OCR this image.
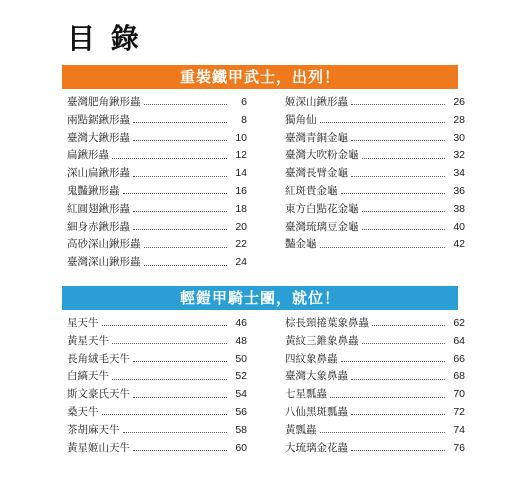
目 錄
重裝鐵甲武士，出列！
臺灣肥角鍬形蟲	6
兩點鋸鍬形蟲	8
臺灣大鍬形蟲	10
扁鍬形蟲	12
深山扁鍬形蟲	14
鬼豔鍬形蟲	16
紅圓翅鍬形蟲	18
細身赤鍬形蟲	20
高砂深山鍬形蟲	22
臺灣深山鍬形蟲	24
姬深山鍬形蟲	26
獨角仙	28
臺灣青銅金龜	30
臺灣大吹粉金龜	32
臺灣長臂金龜	34
紅斑貴金龜	36
東方白點花金龜	38
臺灣琉璃豆金龜	40
豔金龜	42
輕鎧甲騎士團，就位！
星天牛	46
黃星天牛	48
長角絨毛天牛	50
白縞天牛	52
斯文豪氏天牛	54
桑天牛	56
茶胡麻天牛	58
黃星姬山天牛	60
棕長頸捲葉象鼻蟲	62
黃紋三錐象鼻蟲	64
四紋象鼻蟲	66
臺灣大象鼻蟲	68
七星瓢蟲	70
八仙黑斑瓢蟲	72
黃瓢蟲	74
大琉璃金花蟲	76
